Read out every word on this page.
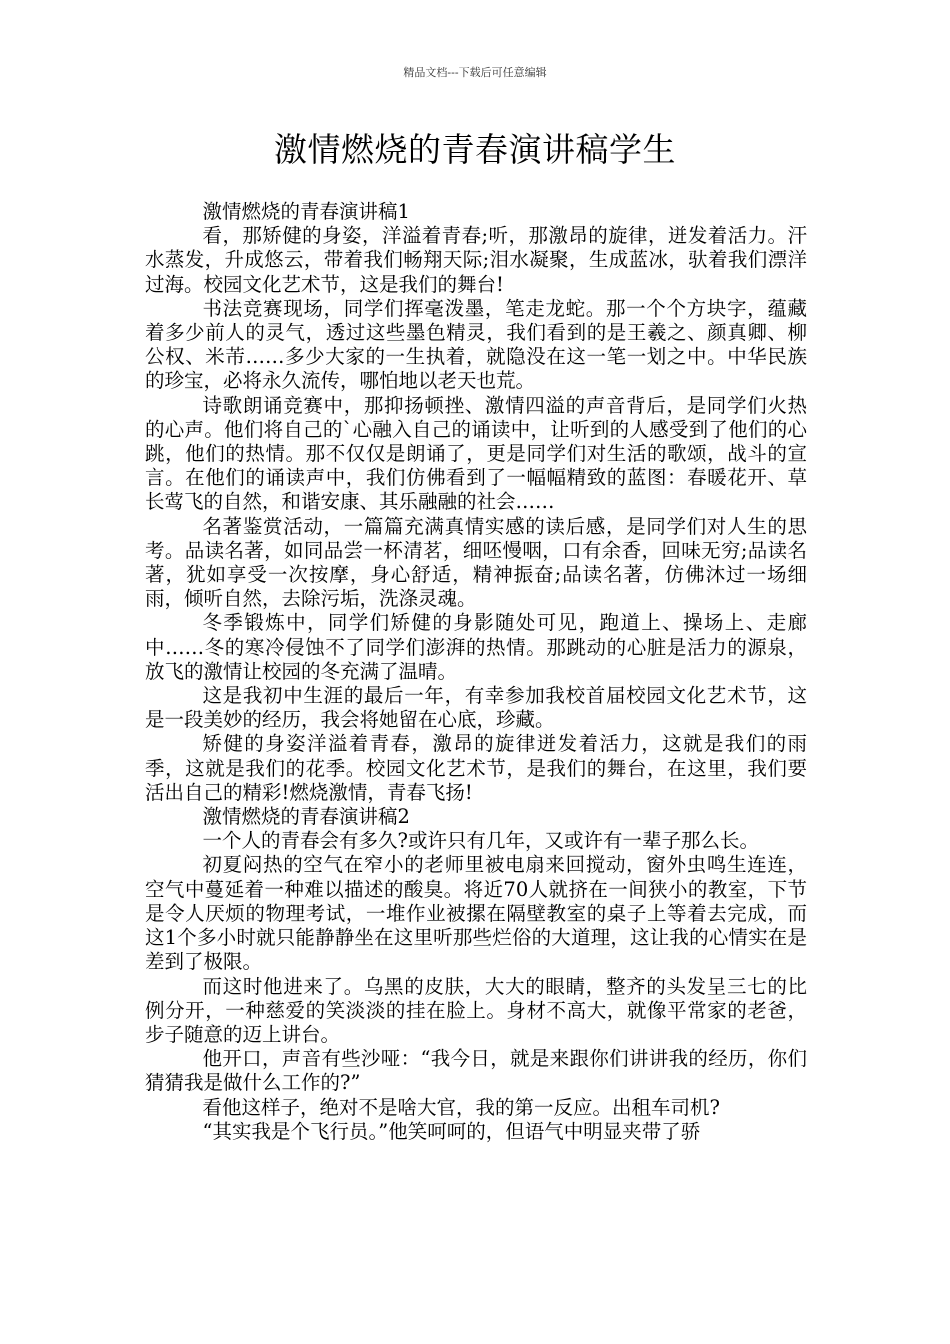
精品文档---下载后可任意编辑
激情燃烧的青春演讲稿学生

激情燃烧的青春演讲稿1

看，那矫健的身姿，洋溢着青春;听，那激昂的旋律，迸发着活力。汗水蒸发，升成悠云，带着我们畅翔天际;泪水凝聚，生成蓝冰，驮着我们漂洋过海。校园文化艺术节，这是我们的舞台!

书法竞赛现场，同学们挥毫泼墨，笔走龙蛇。那一个个方块字，蕴藏着多少前人的灵气，透过这些墨色精灵，我们看到的是王羲之、颜真卿、柳公权、米芾……多少大家的一生执着，就隐没在这一笔一划之中。中华民族的珍宝，必将永久流传，哪怕地以老天也荒。

诗歌朗诵竞赛中，那抑扬顿挫、激情四溢的声音背后，是同学们火热的心声。他们将自己的`心融入自己的诵读中，让听到的人感受到了他们的心跳，他们的热情。那不仅仅是朗诵了，更是同学们对生活的歌颂，战斗的宣言。在他们的诵读声中，我们仿佛看到了一幅幅精致的蓝图：春暖花开、草长莺飞的自然，和谐安康、其乐融融的社会……

名著鉴赏活动，一篇篇充满真情实感的读后感，是同学们对人生的思考。品读名著，如同品尝一杯清茗，细呸慢咽，口有余香，回味无穷;品读名著，犹如享受一次按摩，身心舒适，精神振奋;品读名著，仿佛沐过一场细雨，倾听自然，去除污垢，洗涤灵魂。

冬季锻炼中，同学们矫健的身影随处可见，跑道上、操场上、走廊中……冬的寒冷侵蚀不了同学们澎湃的热情。那跳动的心脏是活力的源泉，放飞的激情让校园的冬充满了温晴。

这是我初中生涯的最后一年，有幸参加我校首届校园文化艺术节，这是一段美妙的经历，我会将她留在心底，珍藏。

矫健的身姿洋溢着青春，激昂的旋律迸发着活力，这就是我们的雨季，这就是我们的花季。校园文化艺术节，是我们的舞台，在这里，我们要活出自己的精彩!燃烧激情，青春飞扬!

激情燃烧的青春演讲稿2

一个人的青春会有多久?或许只有几年，又或许有一辈子那么长。

初夏闷热的空气在窄小的老师里被电扇来回搅动，窗外虫鸣生连连，空气中蔓延着一种难以描述的酸臭。将近70人就挤在一间狭小的教室，下节是令人厌烦的物理考试，一堆作业被摞在隔壁教室的桌子上等着去完成，而这1个多小时就只能静静坐在这里听那些烂俗的大道理，这让我的心情实在是差到了极限。

而这时他进来了。乌黑的皮肤，大大的眼睛，整齐的头发呈三七的比例分开，一种慈爱的笑淡淡的挂在脸上。身材不高大，就像平常家的老爸，步子随意的迈上讲台。

他开口，声音有些沙哑：“我今日，就是来跟你们讲讲我的经历，你们猜猜我是做什么工作的?”

看他这样子，绝对不是啥大官，我的第一反应。出租车司机?

“其实我是个飞行员。”他笑呵呵的，但语气中明显夹带了骄
